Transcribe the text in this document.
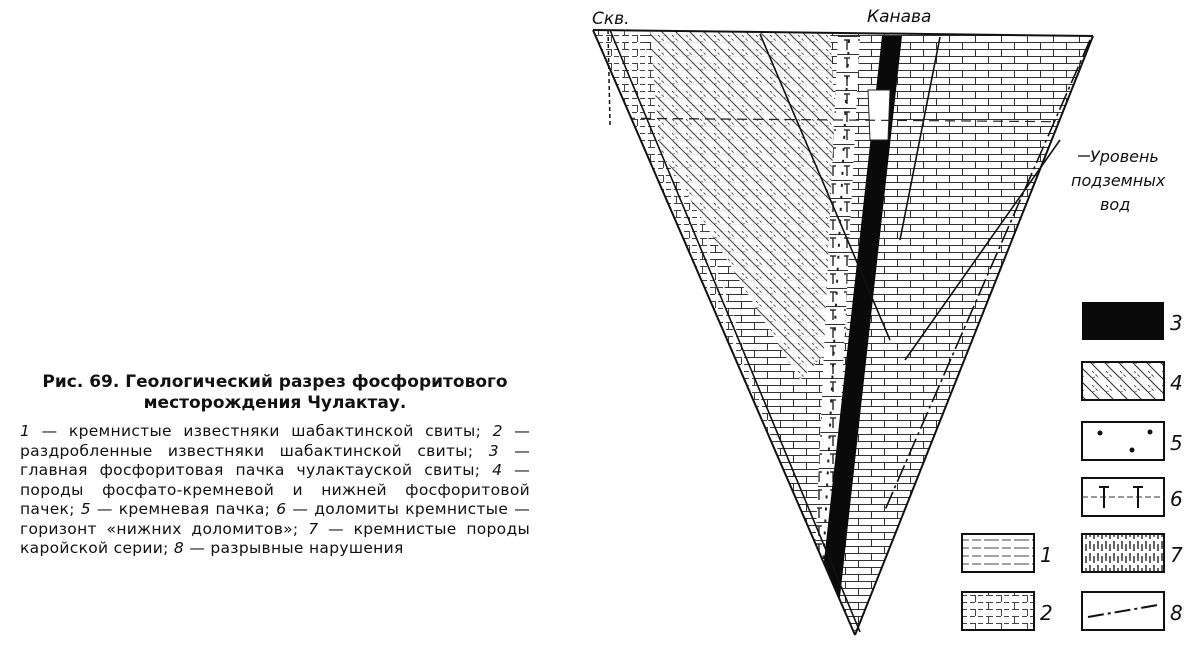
Скв.	Канава
Уровень
подземных
вод
3
4
5
6
7
8
1
2

Рис. 69. Геологический разрез фосфоритового месторождения Чулактау.

1 — кремнистые известняки шабактинской свиты; 2 — раздробленные известняки шабактинской свиты; 3 — главная фосфоритовая пачка чулактауской свиты; 4 — породы фосфато-кремневой и нижней фосфоритовой пачек; 5 — кремневая пачка; 6 — доломиты кремнистые — горизонт «нижних доломитов»; 7 — кремнистые породы каройской серии; 8 — разрывные нарушения
